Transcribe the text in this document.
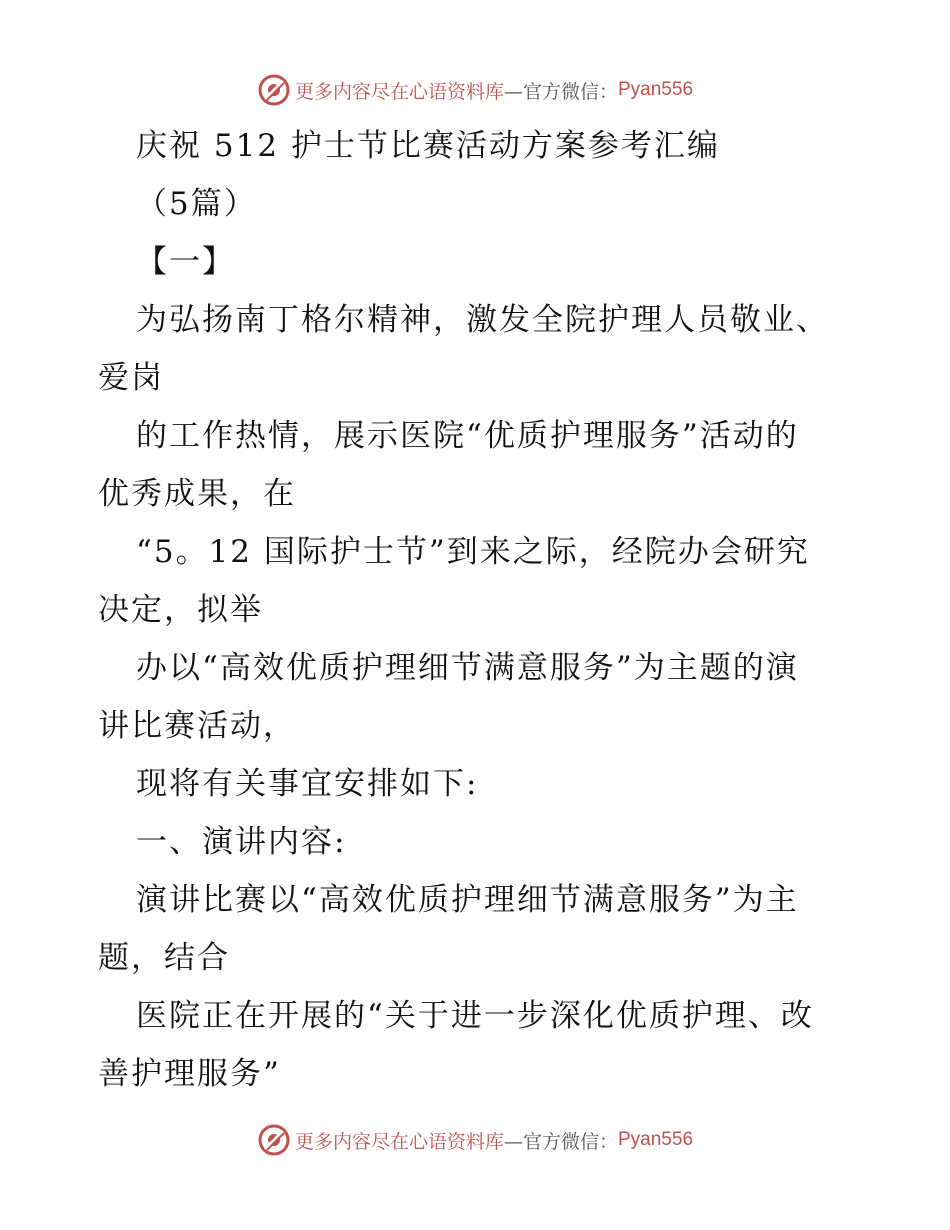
更多内容尽在心语资料库 —官方微信： Pyan556
庆祝 512 护士节比赛活动方案参考汇编
（5篇）
【一】
为弘扬南丁格尔精神，激发全院护理人员敬业、
爱岗
的工作热情，展示医院“优质护理服务”活动的
优秀成果，在
“5。12 国际护士节”到来之际，经院办会研究
决定，拟举
办以“高效优质护理细节满意服务”为主题的演
讲比赛活动，
现将有关事宜安排如下:
一、演讲内容:
演讲比赛以“高效优质护理细节满意服务”为主
题，结合
医院正在开展的“关于进一步深化优质护理、改
善护理服务”
更多内容尽在心语资料库 —官方微信： Pyan556
